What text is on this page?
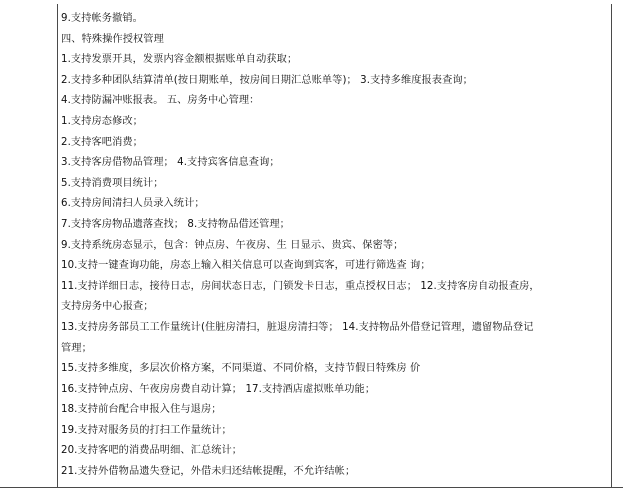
9.支持帐务撤销。
四、特殊操作授权管理
1.支持发票开具，发票内容金额根据账单自动获取；
2.支持多种团队结算清单(按日期账单，按房间日期汇总账单等)； 3.支持多维度报表查询；
4.支持防漏冲账报表。 五、房务中心管理：
1.支持房态修改；
2.支持客吧消费；
3.支持客房借物品管理； 4.支持宾客信息查询；
5.支持消费项目统计；
6.支持房间清扫人员录入统计；
7.支持客房物品遗落查找； 8.支持物品借还管理；
9.支持系统房态显示，包含：钟点房、午夜房、生 日显示、贵宾、保密等；
10.支持一键查询功能，房态上输入相关信息可以查询到宾客，可进行筛选查 询；
11.支持详细日志，接待日志，房间状态日志，门锁发卡日志，重点授权日志； 12.支持客房自动报查房，
支持房务中心报查；
13.支持房务部员工工作量统计(住脏房清扫，脏退房清扫等； 14.支持物品外借登记管理，遗留物品登记
管理；
15.支持多维度，多层次价格方案，不同渠道、不同价格，支持节假日特殊房 价
16.支持钟点房、午夜房房费自动计算； 17.支持酒店虚拟账单功能；
18.支持前台配合申报入住与退房；
19.支持对服务员的打扫工作量统计；
20.支持客吧的消费品明细、汇总统计；
21.支持外借物品遗失登记，外借未归还结帐提醒，不允许结帐；
